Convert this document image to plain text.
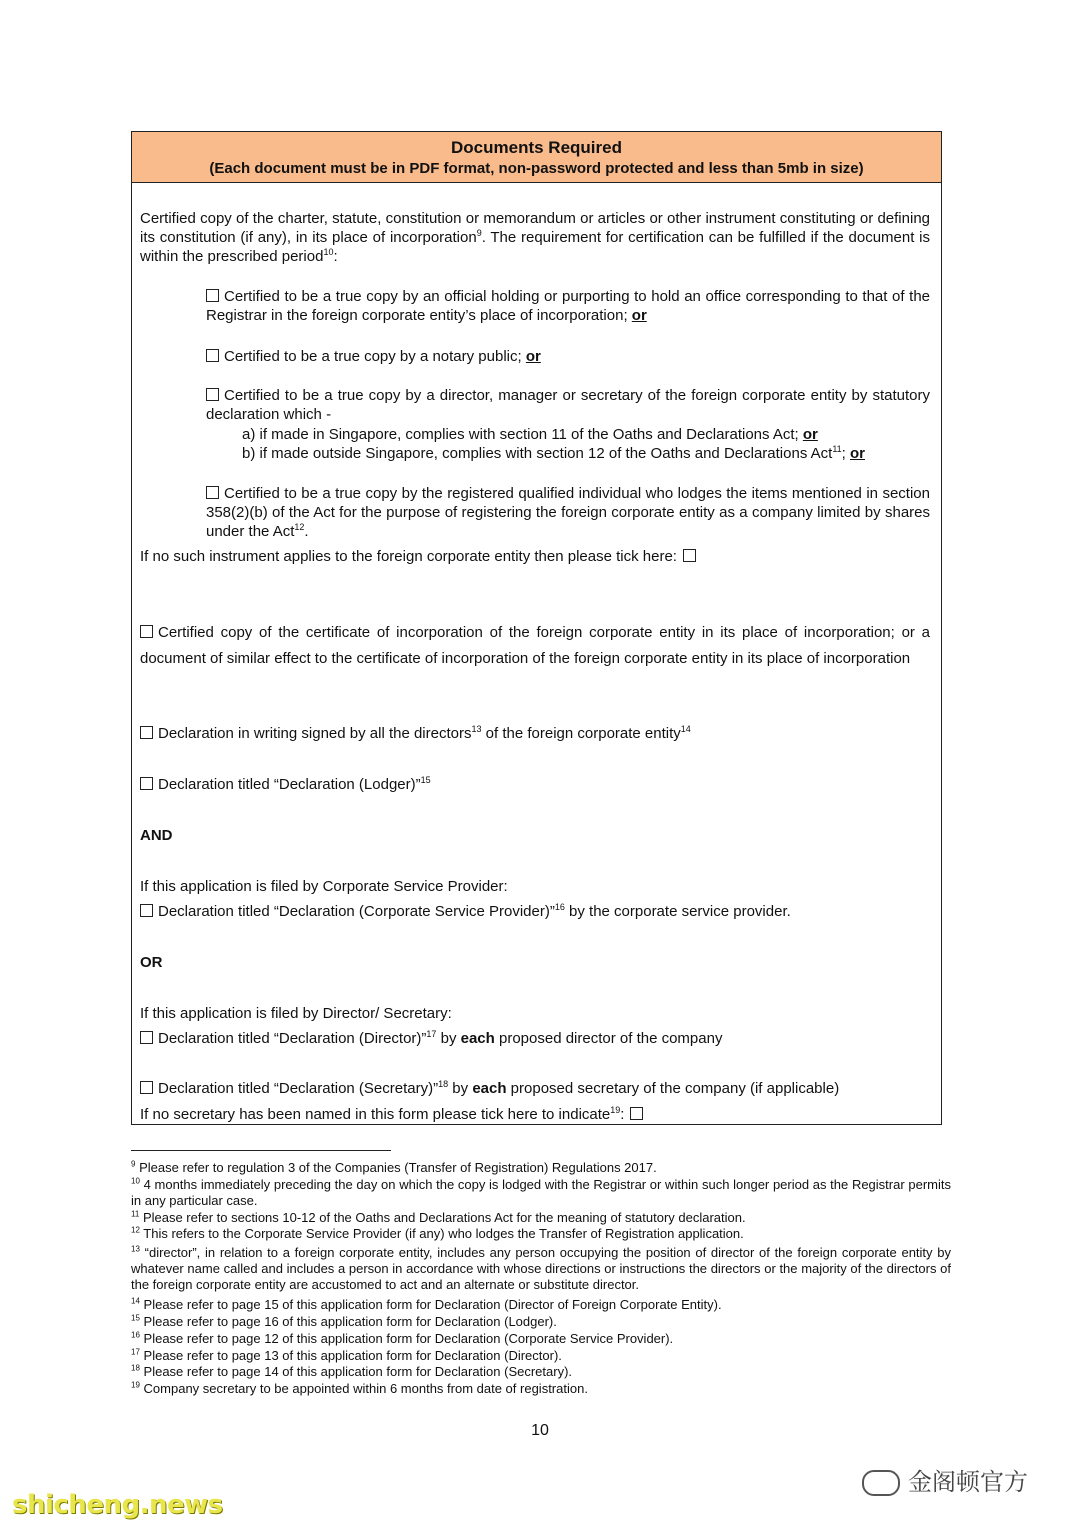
Documents Required
(Each document must be in PDF format, non-password protected and less than 5mb in size)
Certified copy of the charter, statute, constitution or memorandum or articles or other instrument constituting or defining its constitution (if any), in its place of incorporation$^9$. The requirement for certification can be fulfilled if the document is within the prescribed period$^{10}$:
Certified to be a true copy by an official holding or purporting to hold an office corresponding to that of the Registrar in the foreign corporate entity’s place of incorporation; or
Certified to be a true copy by a notary public; or
Certified to be a true copy by a director, manager or secretary of the foreign corporate entity by statutory declaration which -
a) if made in Singapore, complies with section 11 of the Oaths and Declarations Act; or
b) if made outside Singapore, complies with section 12 of the Oaths and Declarations Act$^{11}$; or
Certified to be a true copy by the registered qualified individual who lodges the items mentioned in section 358(2)(b) of the Act for the purpose of registering the foreign corporate entity as a company limited by shares under the Act$^{12}$.
If no such instrument applies to the foreign corporate entity then please tick here:
Certified copy of the certificate of incorporation of the foreign corporate entity in its place of incorporation; or a document of similar effect to the certificate of incorporation of the foreign corporate entity in its place of incorporation
Declaration in writing signed by all the directors$^{13}$ of the foreign corporate entity$^{14}$
Declaration titled “Declaration (Lodger)”$^{15}$
AND
If this application is filed by Corporate Service Provider:
Declaration titled “Declaration (Corporate Service Provider)”$^{16}$ by the corporate service provider.
OR
If this application is filed by Director/ Secretary:
Declaration titled “Declaration (Director)”$^{17}$ by each proposed director of the company
Declaration titled “Declaration (Secretary)”$^{18}$ by each proposed secretary of the company (if applicable)
If no secretary has been named in this form please tick here to indicate$^{19}$:
$^9$ Please refer to regulation 3 of the Companies (Transfer of Registration) Regulations 2017.
$^{10}$ 4 months immediately preceding the day on which the copy is lodged with the Registrar or within such longer period as the Registrar permits in any particular case.
$^{11}$ Please refer to sections 10-12 of the Oaths and Declarations Act for the meaning of statutory declaration.
$^{12}$ This refers to the Corporate Service Provider (if any) who lodges the Transfer of Registration application.
$^{13}$ “director”, in relation to a foreign corporate entity, includes any person occupying the position of director of the foreign corporate entity by whatever name called and includes a person in accordance with whose directions or instructions the directors or the majority of the directors of the foreign corporate entity are accustomed to act and an alternate or substitute director.
$^{14}$ Please refer to page 15 of this application form for Declaration (Director of Foreign Corporate Entity).
$^{15}$ Please refer to page 16 of this application form for Declaration (Lodger).
$^{16}$ Please refer to page 12 of this application form for Declaration (Corporate Service Provider).
$^{17}$ Please refer to page 13 of this application form for Declaration (Director).
$^{18}$ Please refer to page 14 of this application form for Declaration (Secretary).
$^{19}$ Company secretary to be appointed within 6 months from date of registration.
10
shicheng.news
金阁顿官方
